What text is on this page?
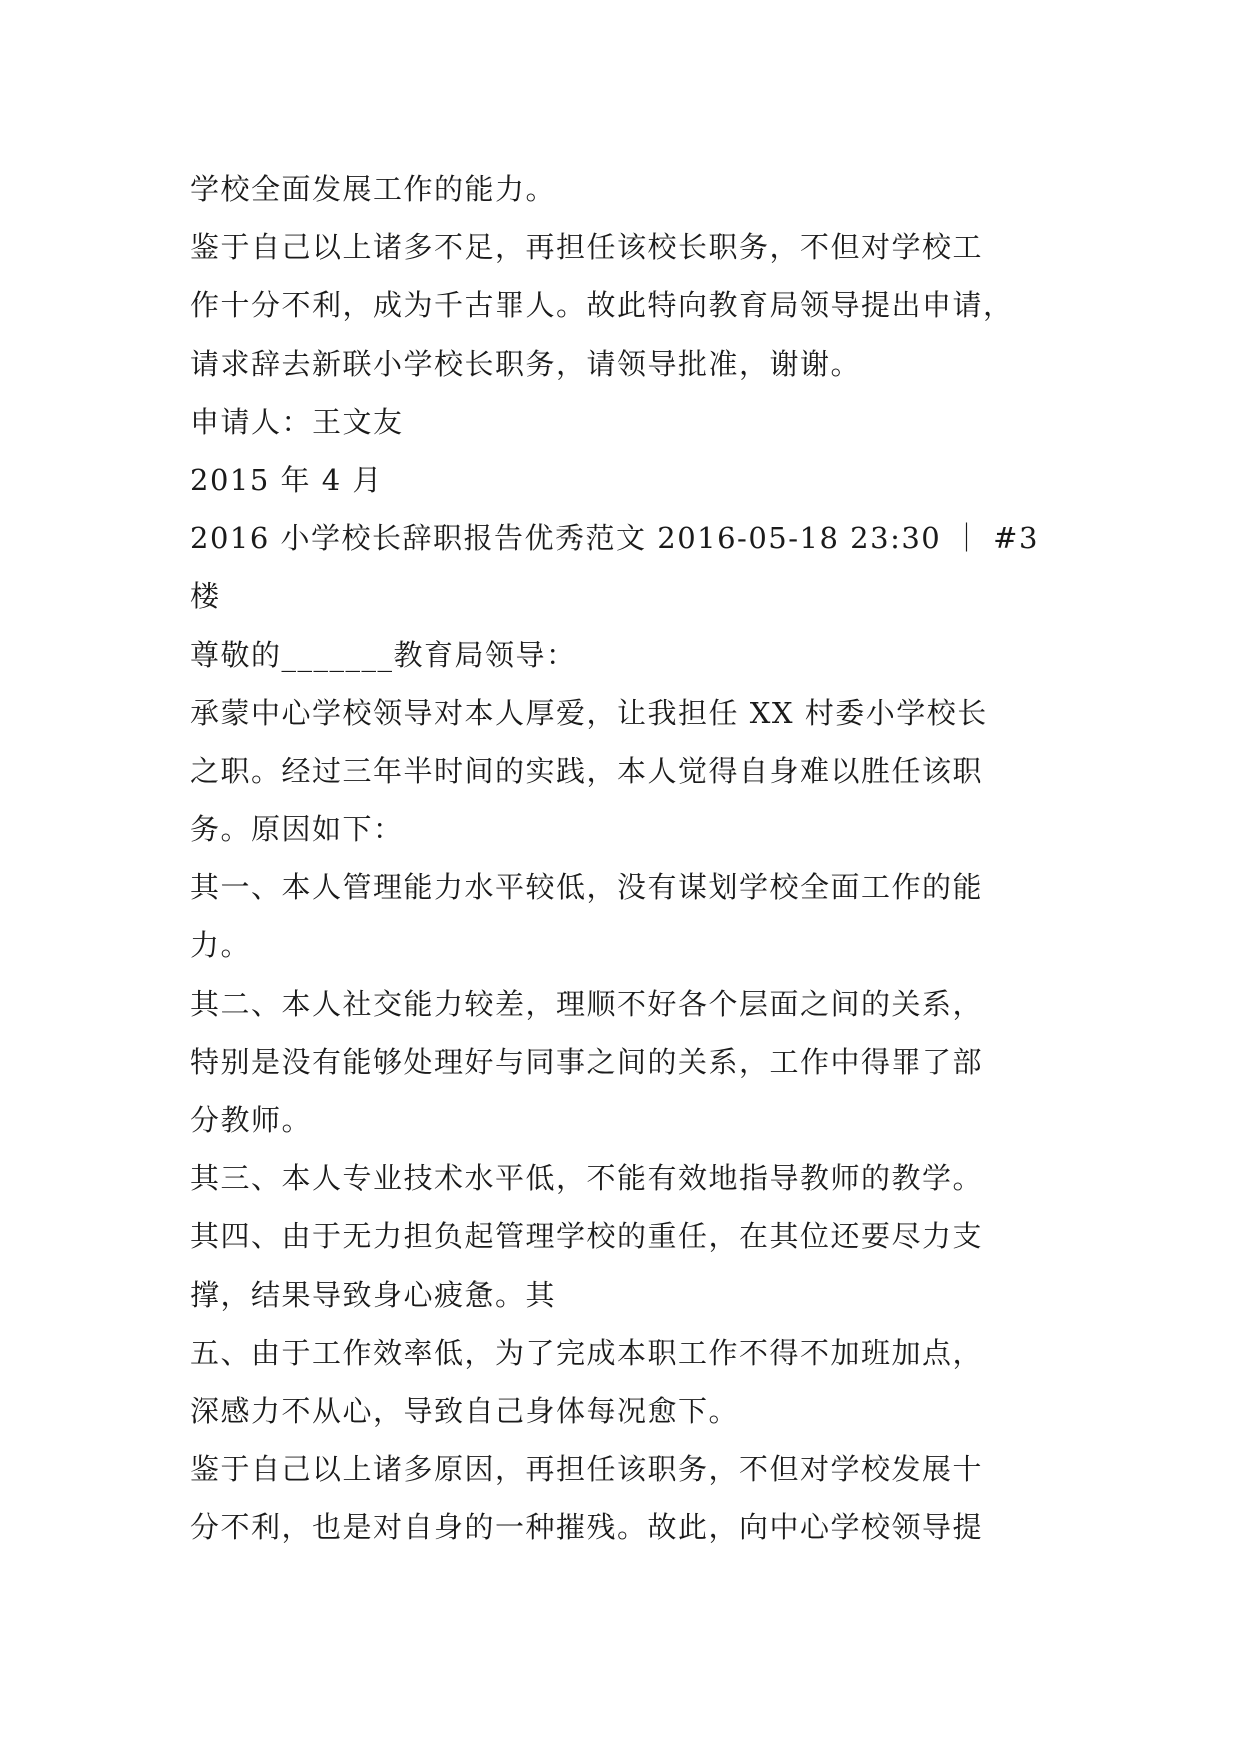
学校全面发展工作的能力。
鉴于自己以上诸多不足，再担任该校长职务，不但对学校工
作十分不利，成为千古罪人。故此特向教育局领导提出申请，
请求辞去新联小学校长职务，请领导批准，谢谢。
申请人：王文友
2015 年 4 月
2016 小学校长辞职报告优秀范文 2016-05-18 23:30 ｜ #3
楼
尊敬的_______教育局领导：
承蒙中心学校领导对本人厚爱，让我担任 XX 村委小学校长
之职。经过三年半时间的实践，本人觉得自身难以胜任该职
务。原因如下：
其一、本人管理能力水平较低，没有谋划学校全面工作的能
力。
其二、本人社交能力较差，理顺不好各个层面之间的关系，
特别是没有能够处理好与同事之间的关系，工作中得罪了部
分教师。
其三、本人专业技术水平低，不能有效地指导教师的教学。
其四、由于无力担负起管理学校的重任，在其位还要尽力支
撑，结果导致身心疲惫。其
五、由于工作效率低，为了完成本职工作不得不加班加点，
深感力不从心，导致自己身体每况愈下。
鉴于自己以上诸多原因，再担任该职务，不但对学校发展十
分不利，也是对自身的一种摧残。故此，向中心学校领导提
